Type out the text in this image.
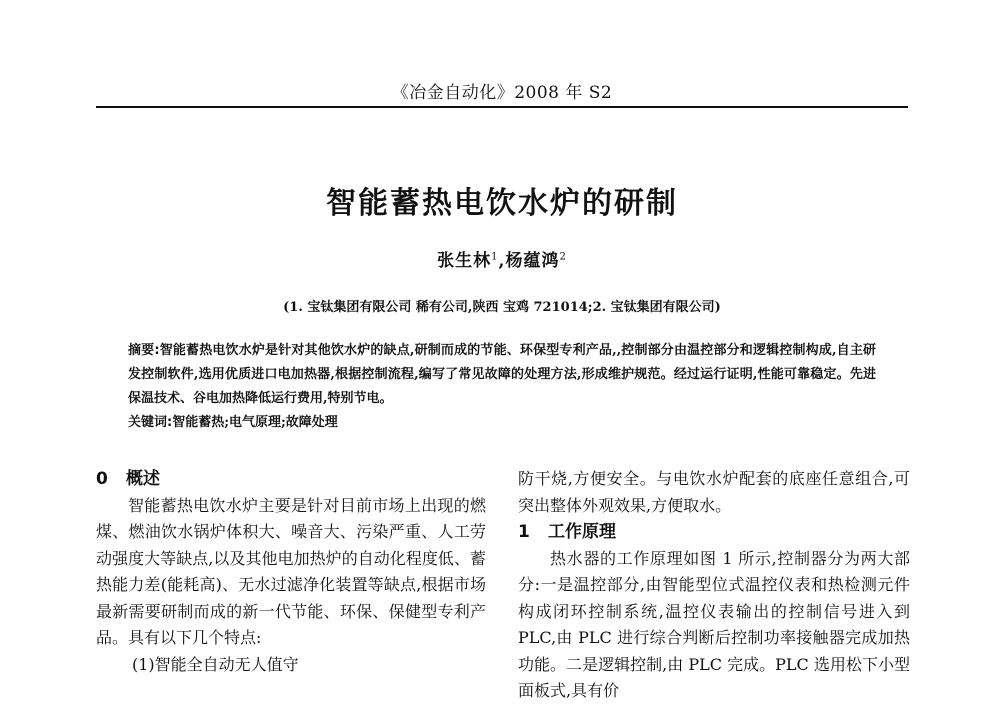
《冶金自动化》2008 年 S2
智能蓄热电饮水炉的研制
张生林$^1$,杨蕴鸿$^2$
(1. 宝钛集团有限公司 稀有公司,陕西 宝鸡 721014;2. 宝钛集团有限公司)
摘要:智能蓄热电饮水炉是针对其他饮水炉的缺点,研制而成的节能、环保型专利产品,,控制部分由温控部分和逻辑控制构成,自主研发控制软件,选用优质进口电加热器,根据控制流程,编写了常见故障的处理方法,形成维护规范。经过运行证明,性能可靠稳定。先进保温技术、谷电加热降低运行费用,特别节电。
关键词:智能蓄热;电气原理;故障处理
0	概述

智能蓄热电饮水炉主要是针对目前市场上出现的燃煤、燃油饮水锅炉体积大、噪音大、污染严重、人工劳动强度大等缺点,以及其他电加热炉的自动化程度低、蓄热能力差(能耗高)、无水过滤净化装置等缺点,根据市场最新需要研制而成的新一代节能、环保、保健型专利产品。具有以下几个特点:

(1)智能全自动无人值守

防干烧,方便安全。与电饮水炉配套的底座任意组合,可突出整体外观效果,方便取水。

1	工作原理

热水器的工作原理如图 1 所示,控制器分为两大部分:一是温控部分,由智能型位式温控仪表和热检测元件构成闭环控制系统,温控仪表输出的控制信号进入到 PLC,由 PLC 进行综合判断后控制功率接触器完成加热功能。二是逻辑控制,由 PLC 完成。PLC 选用松下小型面板式,具有价
